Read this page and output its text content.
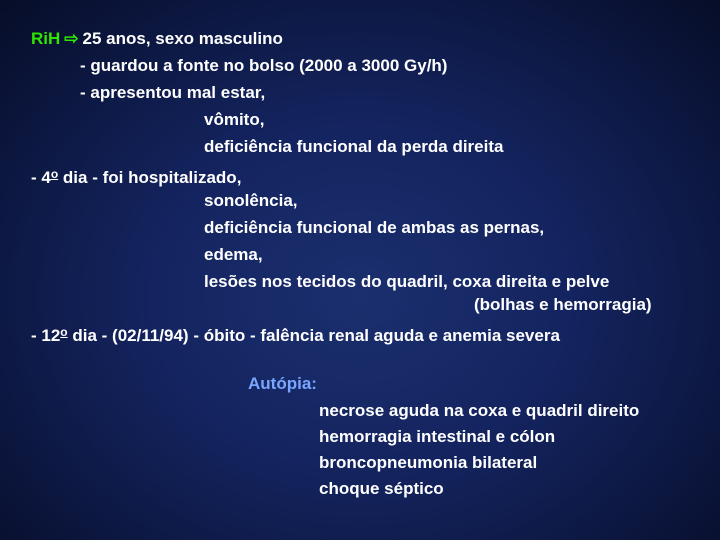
RiH ⇨ 25 anos, sexo masculino
- guardou a fonte no bolso (2000 a 3000 Gy/h)
- apresentou mal estar,
vômito,
deficiência funcional da perda direita
- 4$^o$ dia - foi hospitalizado,
sonolência,
deficiência funcional de ambas as pernas,
edema,
lesões nos tecidos do quadril, coxa direita e pelve
(bolhas e hemorragia)
- 12$^o$ dia - (02/11/94) - óbito - falência renal aguda e anemia severa
Autópia:
necrose aguda na coxa e quadril direito
hemorragia intestinal e cólon
broncopneumonia bilateral
choque séptico
